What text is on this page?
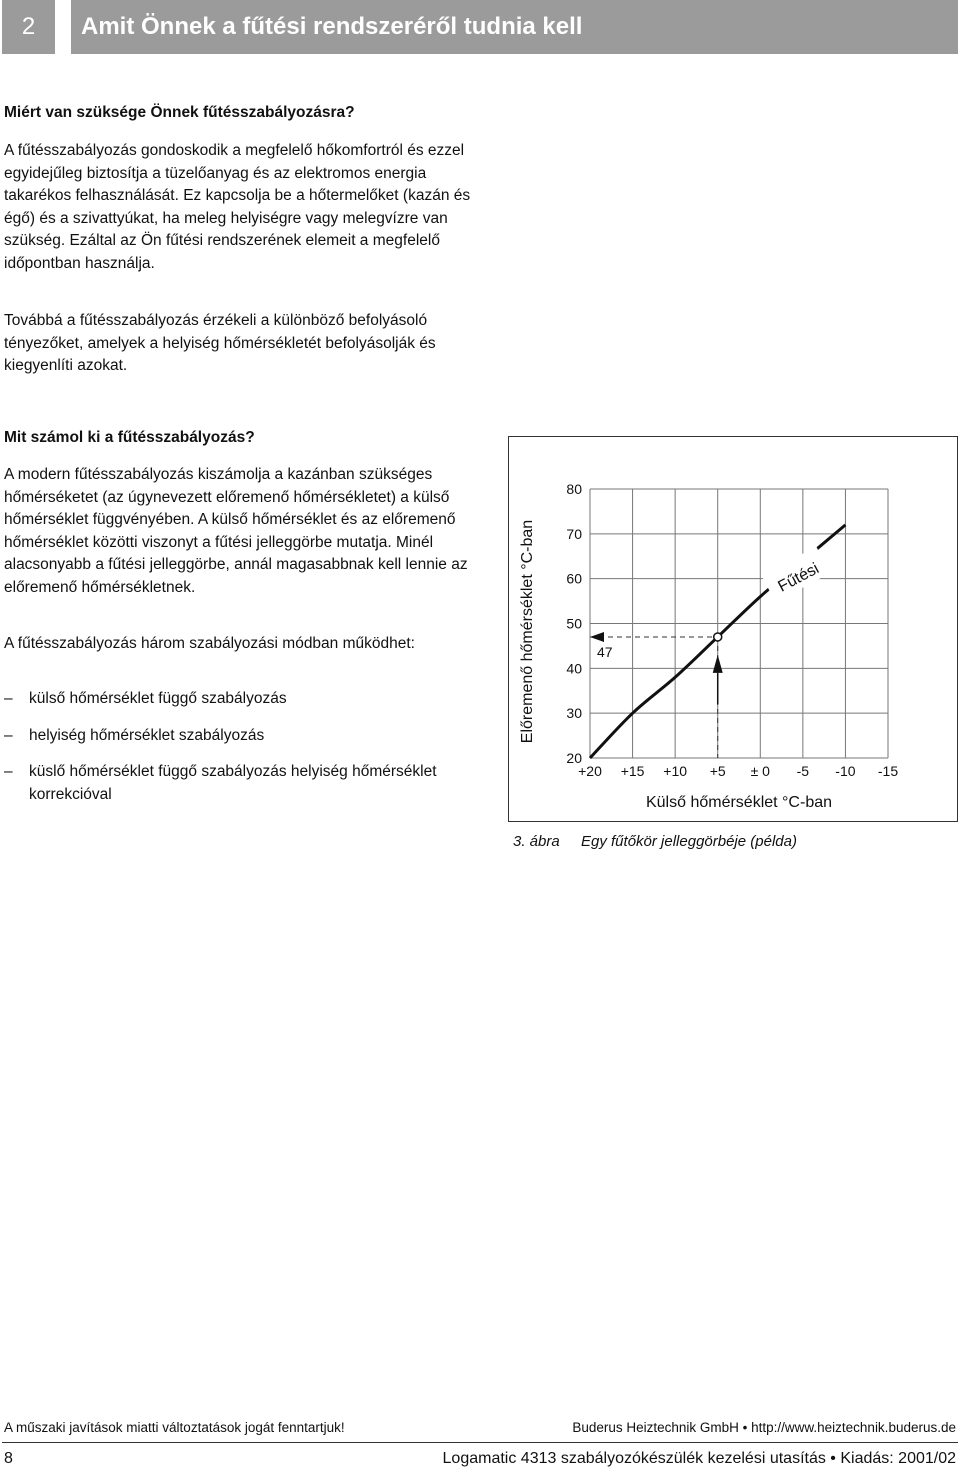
2	Amit Önnek a fűtési rendszeréről tudnia kell
Miért van szüksége Önnek fűtésszabályozásra?

A fűtésszabályozás gondoskodik a megfelelő hőkomfortról és ezzel egyidejűleg biztosítja a tüzelőanyag és az elektromos energia takarékos felhasználását. Ez kapcsolja be a hőtermelőket (kazán és égő) és a szivattyúkat, ha meleg helyiségre vagy melegvízre van szükség. Ezáltal az Ön fűtési rendszerének elemeit a megfelelő időpontban használja.

Továbbá a fűtésszabályozás érzékeli a különböző befolyásoló tényezőket, amelyek a helyiség hőmérsékletét befolyásolják és kiegyenlíti azokat.

Mit számol ki a fűtésszabályozás?

A modern fűtésszabályozás kiszámolja a kazánban szükséges hőmérséketet (az úgynevezett előremenő hőmérsékletet) a külső hőmérséklet függvényében. A külső hőmérséklet és az előremenő hőmérséklet közötti viszonyt a fűtési jelleggörbe mutatja. Minél alacsonyabb a fűtési jelleggörbe, annál magasabbnak kell lennie az előremenő hőmérsékletnek.

A fűtésszabályozás három szabályozási módban működhet:

– külső hőmérséklet függő szabályozás
– helyiség hőmérséklet szabályozás
– küslő hőmérséklet függő szabályozás helyiség hőmérséklet korrekcióval
20
30
40
50
60
70
80
+20 +15 +10 +5 ± 0 -5 -10 -15
Külső hőmérséklet °C-ban
Előremenő hőmérséklet °C-ban	47
Fűtési
3. ábra Egy fűtőkör jelleggörbéje (példa)
A műszaki javítások miatti változtatások jogát fenntartjuk!	Buderus Heiztechnik GmbH • http://www.heiztechnik.buderus.de
8	Logamatic 4313 szabályozókészülék kezelési utasítás • Kiadás: 2001/02
